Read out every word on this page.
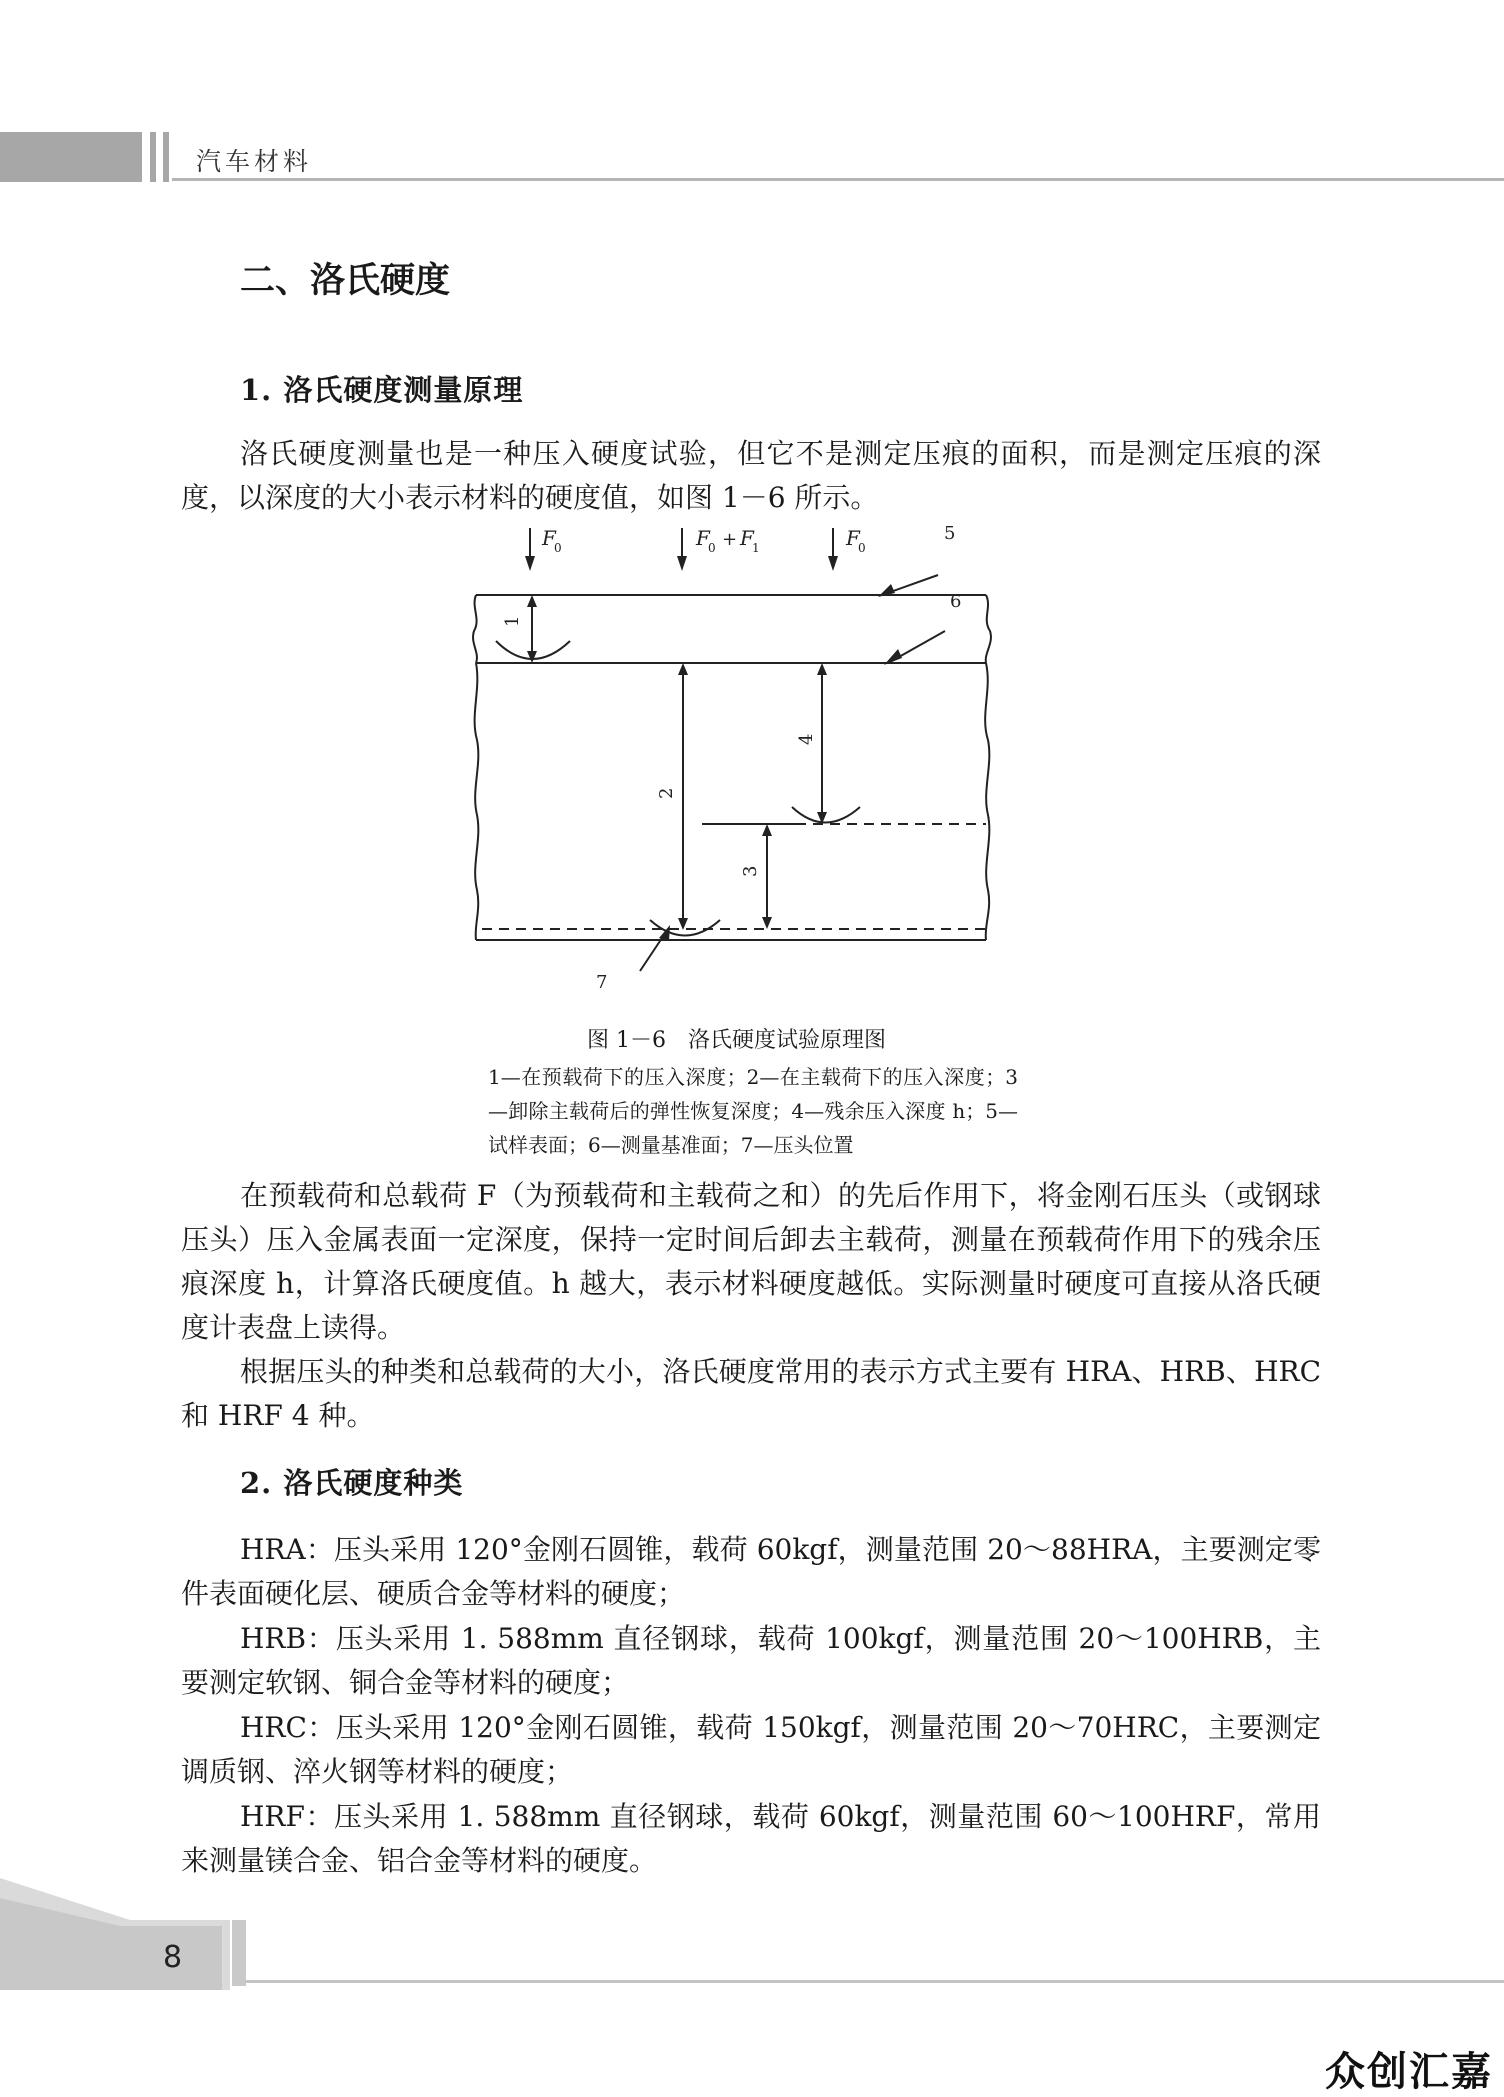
汽车材料
二、洛氏硬度
1. 洛氏硬度测量原理

洛氏硬度测量也是一种压入硬度试验，但它不是测定压痕的面积，而是测定压痕的深度，以深度的大小表示材料的硬度值，如图 1－6 所示。

F
0	F
0 + F
1	F
0
1
2
3
4
5
6
7

图 1－6　洛氏硬度试验原理图

1—在预载荷下的压入深度；2—在主载荷下的压入深度；3—卸除主载荷后的弹性恢复深度；4—残余压入深度 h；5—试样表面；6—测量基准面；7—压头位置

在预载荷和总载荷 F（为预载荷和主载荷之和）的先后作用下，将金刚石压头（或钢球压头）压入金属表面一定深度，保持一定时间后卸去主载荷，测量在预载荷作用下的残余压痕深度 h，计算洛氏硬度值。h 越大，表示材料硬度越低。实际测量时硬度可直接从洛氏硬度计表盘上读得。

根据压头的种类和总载荷的大小，洛氏硬度常用的表示方式主要有 HRA、HRB、HRC 和 HRF 4 种。

2. 洛氏硬度种类

HRA：压头采用 120°金刚石圆锥，载荷 60kgf，测量范围 20～88HRA，主要测定零件表面硬化层、硬质合金等材料的硬度；

HRB：压头采用 1. 588mm 直径钢球，载荷 100kgf，测量范围 20～100HRB，主要测定软钢、铜合金等材料的硬度；

HRC：压头采用 120°金刚石圆锥，载荷 150kgf，测量范围 20～70HRC，主要测定调质钢、淬火钢等材料的硬度；

HRF：压头采用 1. 588mm 直径钢球，载荷 60kgf，测量范围 60～100HRF，常用来测量镁合金、铝合金等材料的硬度。

8
众创汇嘉
